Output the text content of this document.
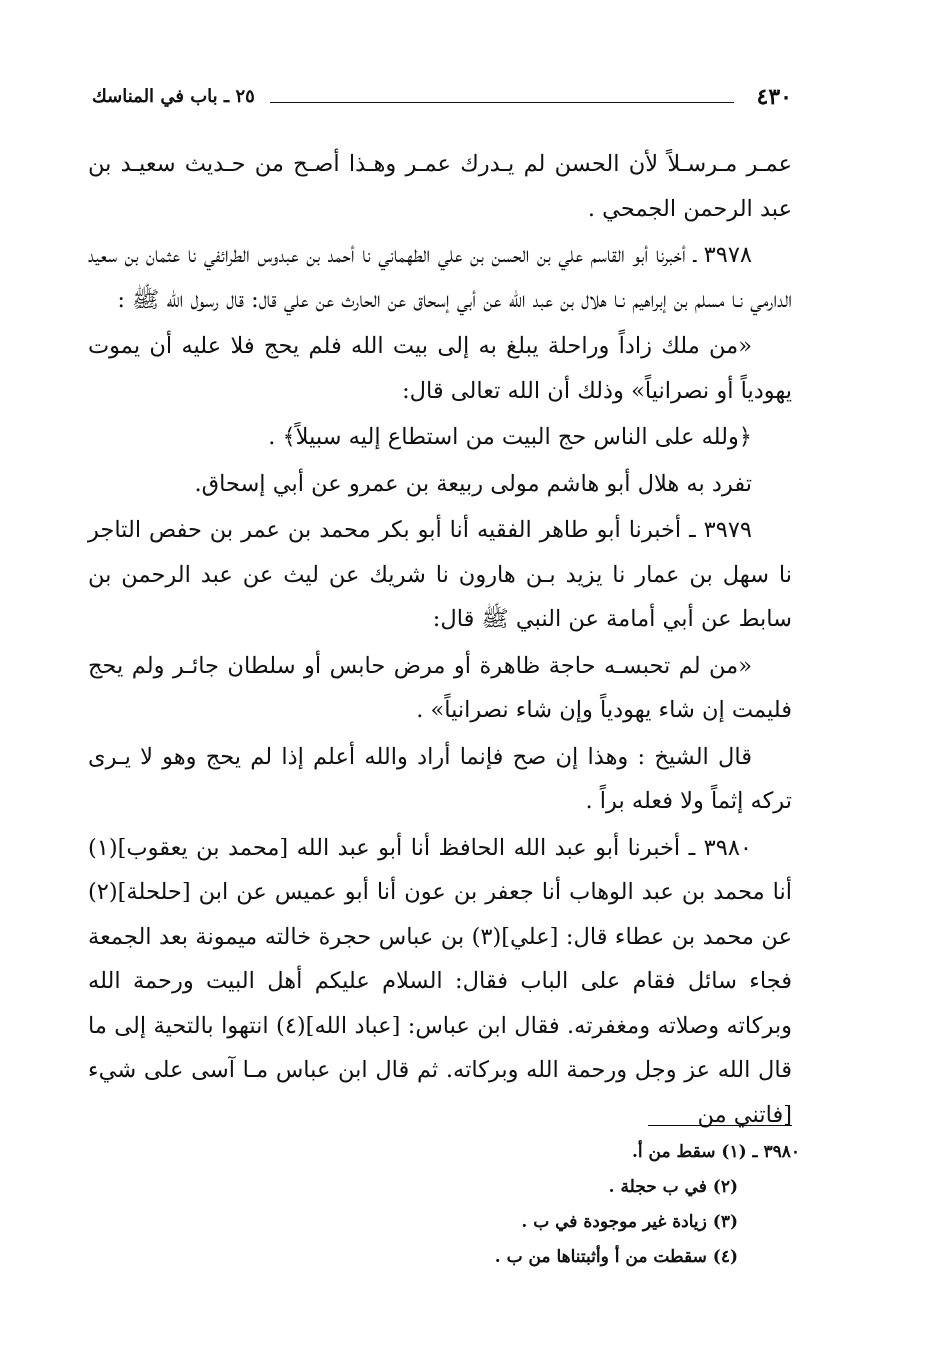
٤٣٠
٢٥ ـ باب في المناسك

عمـر مـرسـلاً لأن الحسن لم يـدرك عمـر وهـذا أصـح من حـديث سعيـد بن عبد الرحمن الجمحي .

٣٩٧٨ ـ أخبرنا أبو القاسم علي بن الحسن بن علي الطهماني نا أحمد بن عبدوس الطرائفي نا عثمان بن سعيد الدارمي نـا مسلم بن إبراهيم نـا هلال بن عبد الله عن أبي إسحاق عن الحارث عن علي قال: قال رسول الله ﷺ :

«من ملك زاداً وراحلة يبلغ به إلى بيت الله فلم يحج فلا عليه أن يموت يهودياً أو نصرانياً» وذلك أن الله تعالى قال:

﴿ولله على الناس حج البيت من استطاع إليه سبيلاً﴾ .

تفرد به هلال أبو هاشم مولى ربيعة بن عمرو عن أبي إسحاق.

٣٩٧٩ ـ أخبرنا أبو طاهر الفقيه أنا أبو بكر محمد بن عمر بن حفص التاجر نا سهل بن عمار نا يزيد بـن هارون نا شريك عن ليث عن عبد الرحمن بن سابط عن أبي أمامة عن النبي ﷺ قال:

«من لم تحبسـه حاجة ظاهرة أو مرض حابس أو سلطان جائـر ولم يحج فليمت إن شاء يهودياً وإن شاء نصرانياً» .

قال الشيخ : وهذا إن صح فإنما أراد والله أعلم إذا لم يحج وهو لا يـرى تركه إثماً ولا فعله براً .

٣٩٨٠ ـ أخبرنا أبو عبد الله الحافظ أنا أبو عبد الله [محمد بن يعقوب](١) أنا محمد بن عبد الوهاب أنا جعفر بن عون أنا أبو عميس عن ابن [حلحلة](٢) عن محمد بن عطاء قال: [علي](٣) بن عباس حجرة خالته ميمونة بعد الجمعة فجاء سائل فقام على الباب فقال: السلام عليكم أهل البيت ورحمة الله وبركاته وصلاته ومغفرته. فقال ابن عباس: [عباد الله](٤) انتهوا بالتحية إلى ما قال الله عز وجل ورحمة الله وبركاته. ثم قال ابن عباس مـا آسى على شيء [فاتني من

٣٩٨٠ ـ (١) سقط من أ.
(٢) في ب حجلة .
(٣) زيادة غير موجودة في ب .
(٤) سقطت من أ وأثبتناها من ب .
